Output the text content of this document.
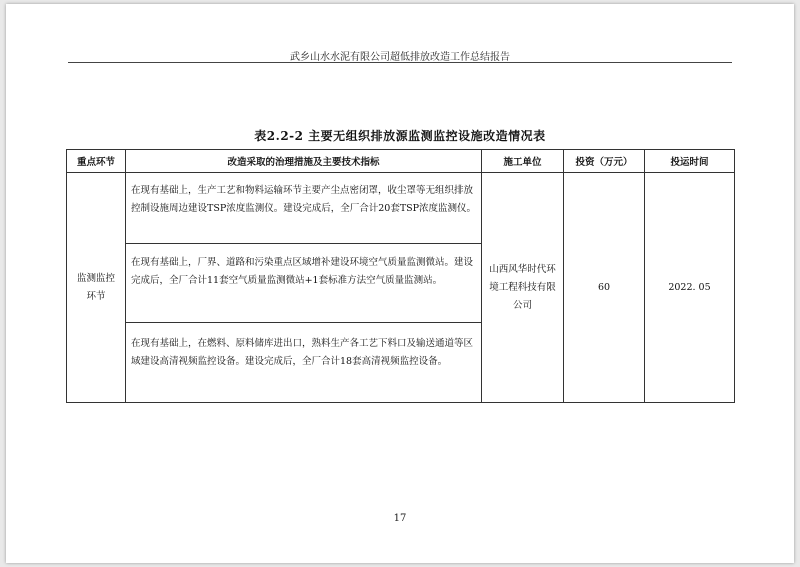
武乡山水水泥有限公司超低排放改造工作总结报告
表2.2-2 主要无组织排放源监测监控设施改造情况表
重点环节	改造采取的治理措施及主要技术指标	施工单位	投资（万元）	投运时间
监测监控环节	在现有基础上，生产工艺和物料运输环节主要产尘点密闭罩，收尘罩等无组织排放控制设施周边建设TSP浓度监测仪。建设完成后，全厂合计20套TSP浓度监测仪。	山西风华时代环境工程科技有限公司	60	2022. 05
	在现有基础上，厂界、道路和污染重点区域增补建设环境空气质量监测微站。建设完成后，全厂合计11套空气质量监测微站+1套标准方法空气质量监测站。			
	在现有基础上，在燃料、原料储库进出口，熟料生产各工艺下料口及输送通道等区域建设高清视频监控设备。建设完成后，全厂合计18套高清视频监控设备。			
17
